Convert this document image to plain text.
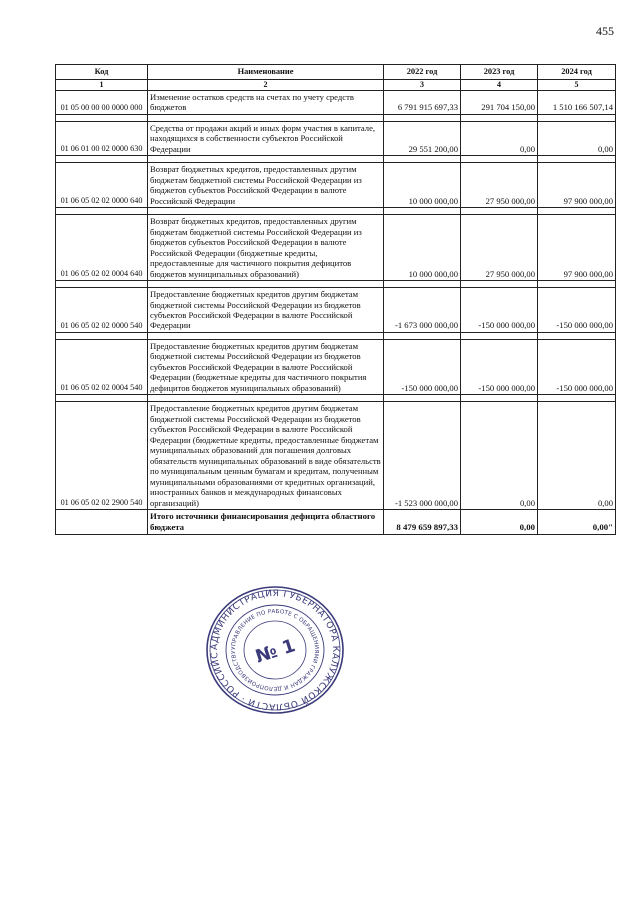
455
Код	Наименование	2022 год	2023 год	2024 год
1	2	3	4	5
01 05 00 00 00 0000 000	Изменение остатков средств на счетах по учету средств бюджетов	6 791 915 697,33	291 704 150,00	1 510 166 507,14

01 06 01 00 02 0000 630	Средства от продажи акций и иных форм участия в капитале, находящихся в собственности субъектов Российской Федерации	29 551 200,00	0,00	0,00

01 06 05 02 02 0000 640	Возврат бюджетных кредитов, предоставленных другим бюджетам бюджетной системы Российской Федерации из бюджетов субъектов Российской Федерации в валюте Российской Федерации	10 000 000,00	27 950 000,00	97 900 000,00

01 06 05 02 02 0004 640	Возврат бюджетных кредитов, предоставленных другим бюджетам бюджетной системы Российской Федерации из бюджетов субъектов Российской Федерации в валюте Российской Федерации (бюджетные кредиты, предоставленные для частичного покрытия дефицитов бюджетов муниципальных образований)	10 000 000,00	27 950 000,00	97 900 000,00

01 06 05 02 02 0000 540	Предоставление бюджетных кредитов другим бюджетам бюджетной системы Российской Федерации из бюджетов субъектов Российской Федерации в валюте Российской Федерации	-1 673 000 000,00	-150 000 000,00	-150 000 000,00

01 06 05 02 02 0004 540	Предоставление бюджетных кредитов другим бюджетам бюджетной системы Российской Федерации из бюджетов субъектов Российской Федерации в валюте Российской Федерации (бюджетные кредиты для частичного покрытия дефицитов бюджетов муниципальных образований)	-150 000 000,00	-150 000 000,00	-150 000 000,00

01 06 05 02 02 2900 540	Предоставление бюджетных кредитов другим бюджетам бюджетной системы Российской Федерации из бюджетов субъектов Российской Федерации в валюте Российской Федерации (бюджетные кредиты, предоставленные бюджетам муниципальных образований для погашения долговых обязательств муниципальных образований в виде обязательств по муниципальным ценным бумагам и кредитам, полученным муниципальными образованиями от кредитных организаций, иностранных банков и международных финансовых организаций)	-1 523 000 000,00	0,00	0,00
	Итого источники финансирования дефицита областного бюджета	8 479 659 897,33	0,00	0,00"
АДМИНИСТРАЦИЯ ГУБЕРНАТОРА КАЛУЖСКОЙ ОБЛАСТИ · РОССИЙС
УПРАВЛЕНИЕ ПО РАБОТЕ С ОБРАЩЕНИЯМИ ГРАЖДАН И ДЕЛОПРОИЗВОДСТВУ № 1
